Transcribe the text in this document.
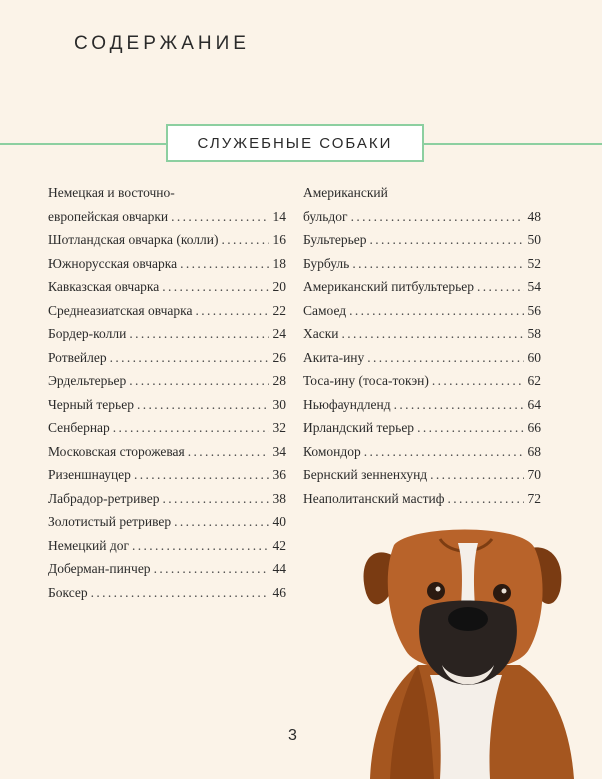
СОДЕРЖАНИЕ
СЛУЖЕБНЫЕ СОБАКИ
Немецкая и восточно-
европейская овчарки . . .	14
Шотландская овчарка (колли) . . .	16
Южнорусская овчарка . . .	18
Кавказская овчарка . . .	20
Среднеазиатская овчарка . . .	22
Бордер-колли . . .	24
Ротвейлер . . .	26
Эрдельтерьер . . .	28
Черный терьер . . .	30
Сенбернар . . .	32
Московская сторожевая . . .	34
Ризеншнауцер . . .	36
Лабрадор-ретривер . . .	38
Золотистый ретривер . . .	40
Немецкий дог . . .	42
Доберман-пинчер . . .	44
Боксер . . .	46
Американский
бульдог . . .	48
Бультерьер . . .	50
Бурбуль . . .	52
Американский питбультерьер . . .	54
Самоед . . .	56
Хаски . . .	58
Акита-ину . . .	60
Тоса-ину (тоса-токэн) . . .	62
Ньюфаундленд . . .	64
Ирландский терьер . . .	66
Комондор . . .	68
Бернский зенненхунд . . .	70
Неаполитанский мастиф . . .	72
3
